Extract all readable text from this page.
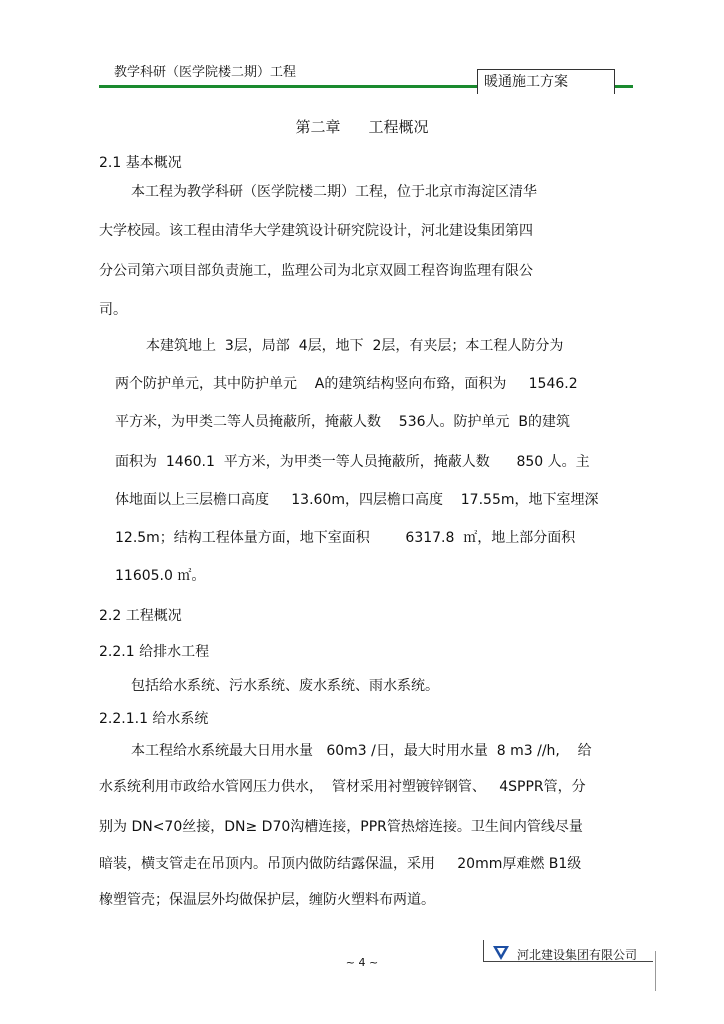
教学科研（医学院楼二期）工程
暖通施工方案
第二章 工程概况
2.1 基本概况
本工程为教学科研（医学院楼二期）工程，位于北京市海淀区清华
大学校园。该工程由清华大学建筑设计研究院设计，河北建设集团第四
分公司第六项目部负责施工，监理公司为北京双圆工程咨询监理有限公
司。
本建筑地上  3层，局部  4层，地下  2层，有夹层；本工程人防分为
两个防护单元，其中防护单元    A的建筑结构竖向布臵，面积为     1546.2
平方米，为甲类二等人员掩蔽所，掩蔽人数    536人。防护单元  B的建筑
面积为  1460.1  平方米，为甲类一等人员掩蔽所，掩蔽人数      850 人。主
体地面以上三层檐口高度     13.60m，四层檐口高度    17.55m，地下室埋深
12.5m；结构工程体量方面，地下室面积        6317.8  ㎡，地上部分面积
11605.0 ㎡。
2.2 工程概况
2.2.1 给排水工程
包括给水系统、污水系统、废水系统、雨水系统。
2.2.1.1 给水系统
本工程给水系统最大日用水量   60m3 /日，最大时用水量  8 m3 //h,    给
水系统利用市政给水管网压力供水，  管材采用衬塑镀锌钢管、   4SPPR管，分
别为 DN<70丝接，DN≥ D70沟槽连接，PPR管热熔连接。卫生间内管线尽量
暗装，横支管走在吊顶内。吊顶内做防结露保温，采用     20mm厚难燃 B1级
橡塑管壳；保温层外均做保护层，缠防火塑料布两道。
河北建设集团有限公司
~ 4 ~
